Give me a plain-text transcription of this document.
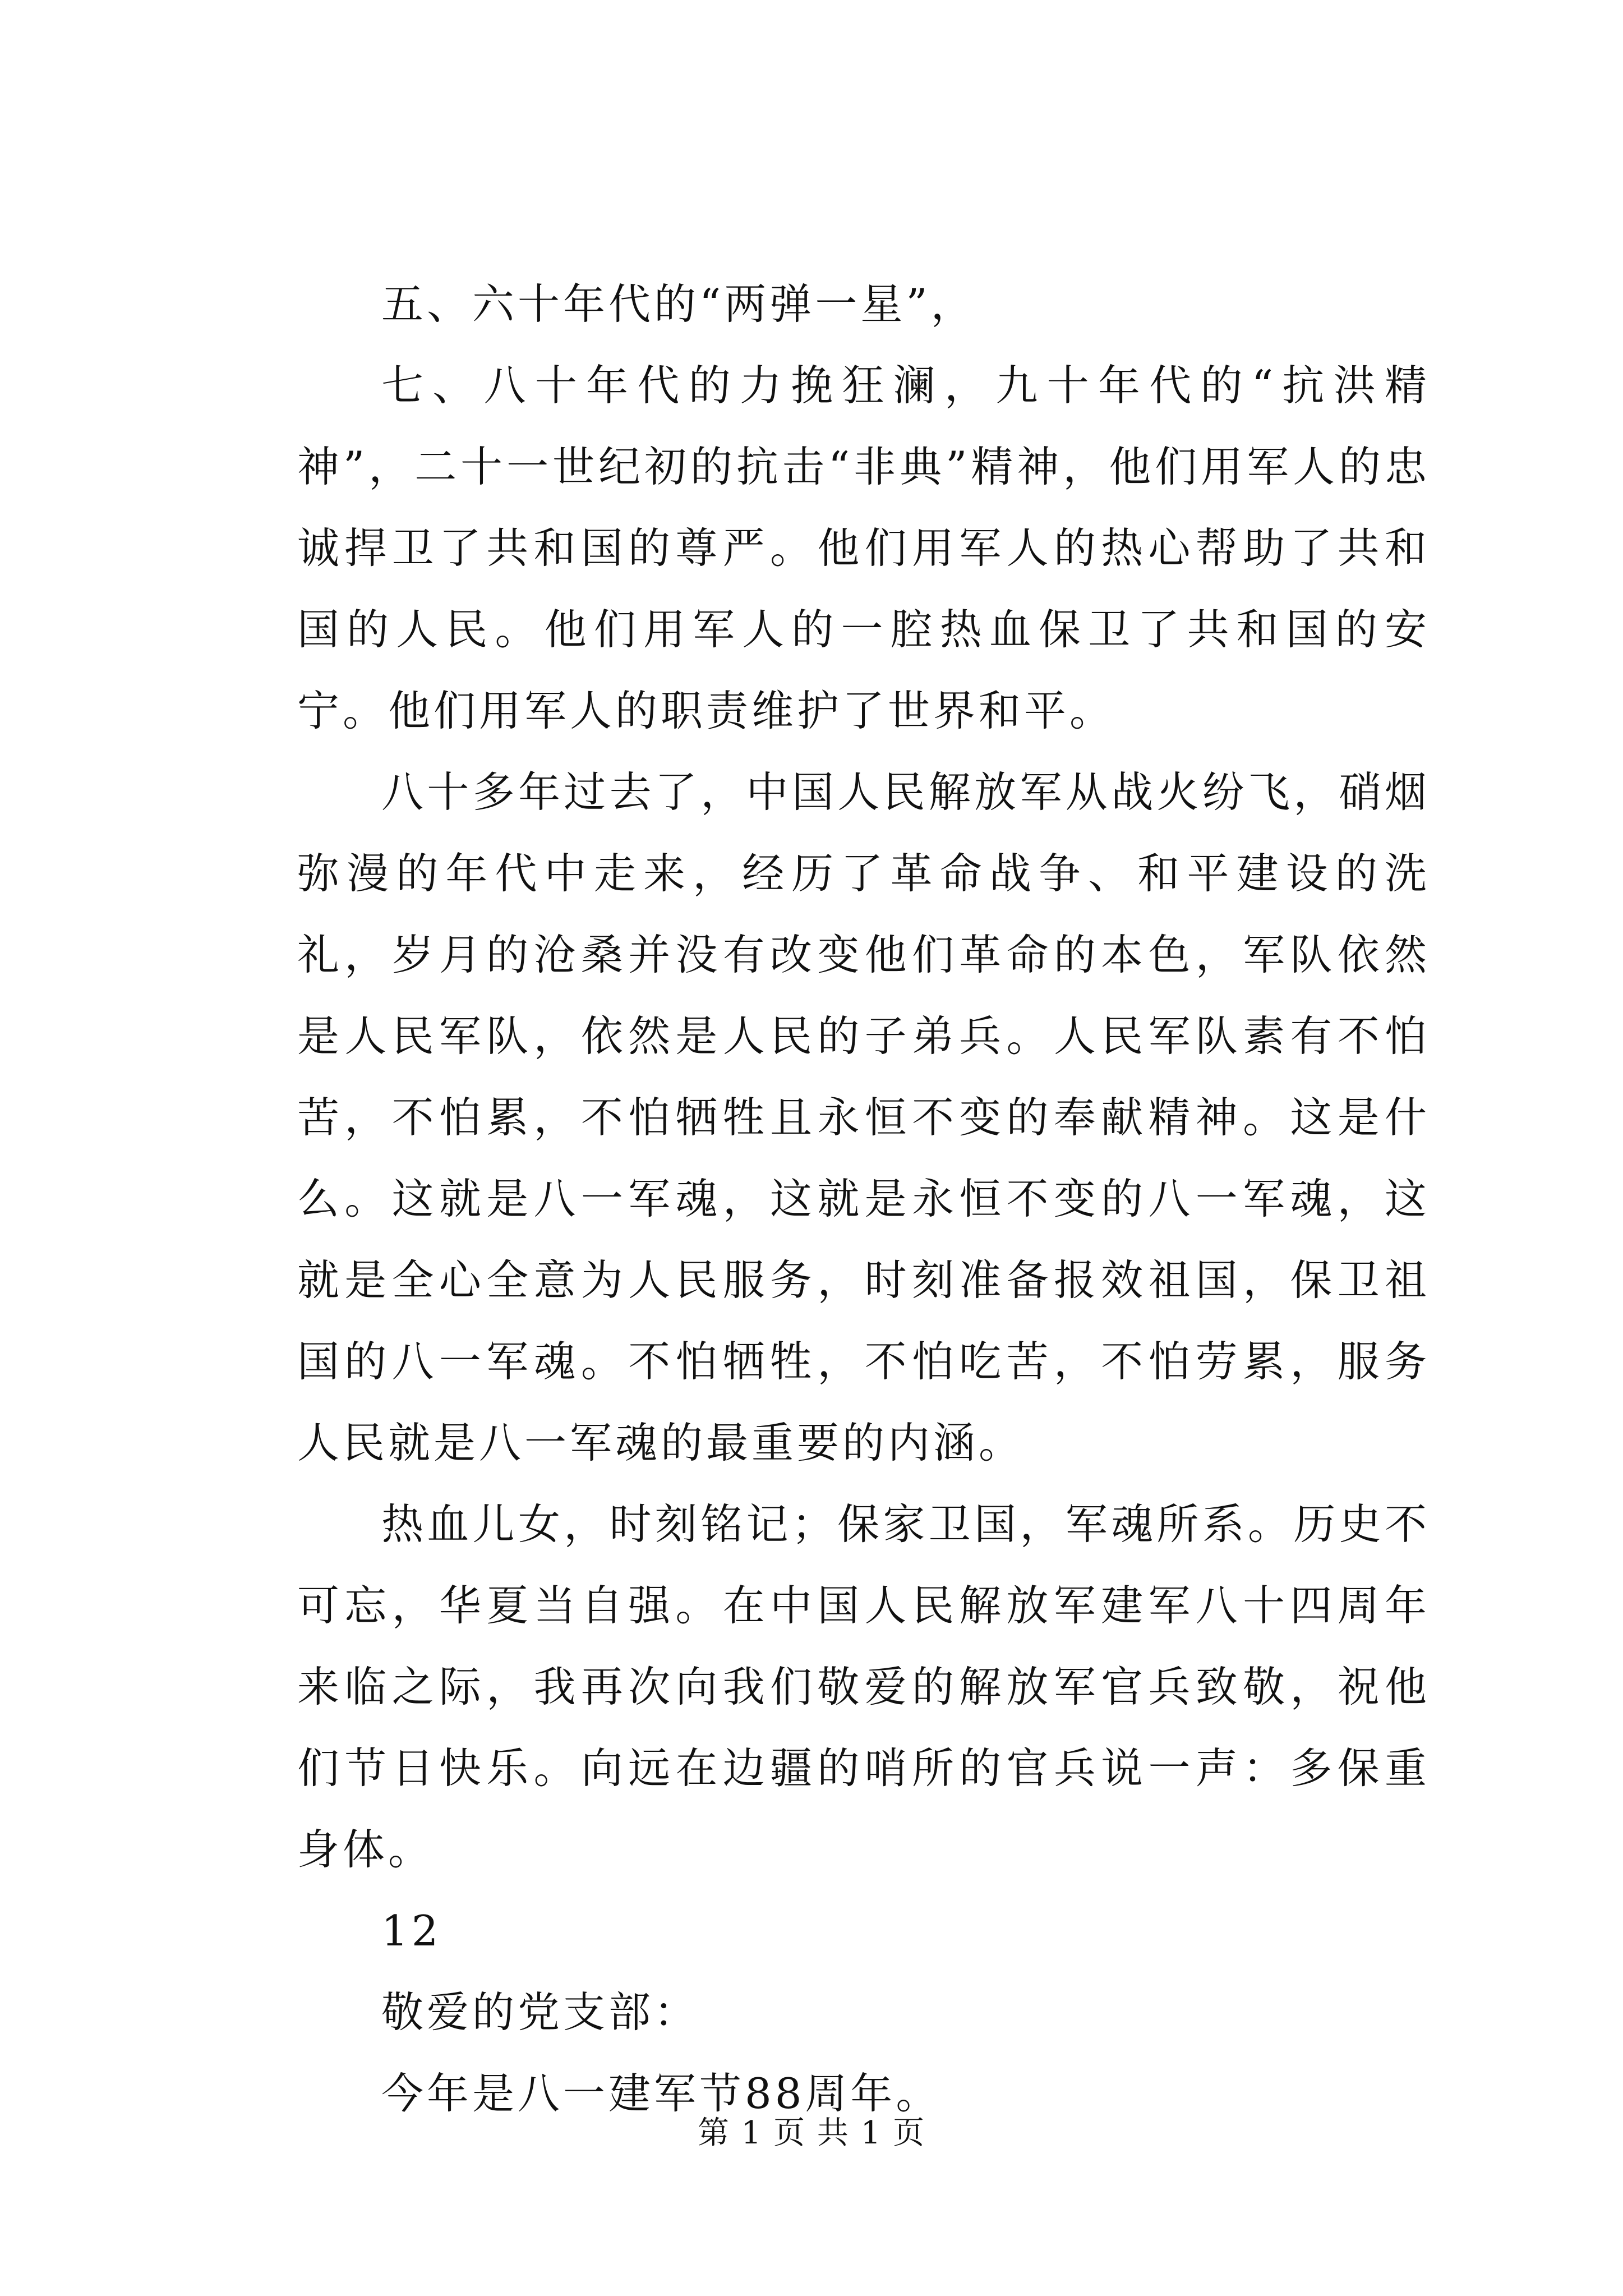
五、六十年代的“两弹一星”，

七、八十年代的力挽狂澜，九十年代的“抗洪精神”，二十一世纪初的抗击“非典”精神，他们用军人的忠诚捍卫了共和国的尊严。他们用军人的热心帮助了共和国的人民。他们用军人的一腔热血保卫了共和国的安宁。他们用军人的职责维护了世界和平。

八十多年过去了，中国人民解放军从战火纷飞，硝烟弥漫的年代中走来，经历了革命战争、和平建设的洗礼，岁月的沧桑并没有改变他们革命的本色，军队依然是人民军队，依然是人民的子弟兵。人民军队素有不怕苦，不怕累，不怕牺牲且永恒不变的奉献精神。这是什么。这就是八一军魂，这就是永恒不变的八一军魂，这就是全心全意为人民服务，时刻准备报效祖国，保卫祖国的八一军魂。不怕牺牲，不怕吃苦，不怕劳累，服务人民就是八一军魂的最重要的内涵。

热血儿女，时刻铭记；保家卫国，军魂所系。历史不可忘，华夏当自强。在中国人民解放军建军八十四周年来临之际，我再次向我们敬爱的解放军官兵致敬，祝他们节日快乐。向远在边疆的哨所的官兵说一声：多保重身体。

12

敬爱的党支部：

今年是八一建军节88周年。

第 1 页 共 1 页
